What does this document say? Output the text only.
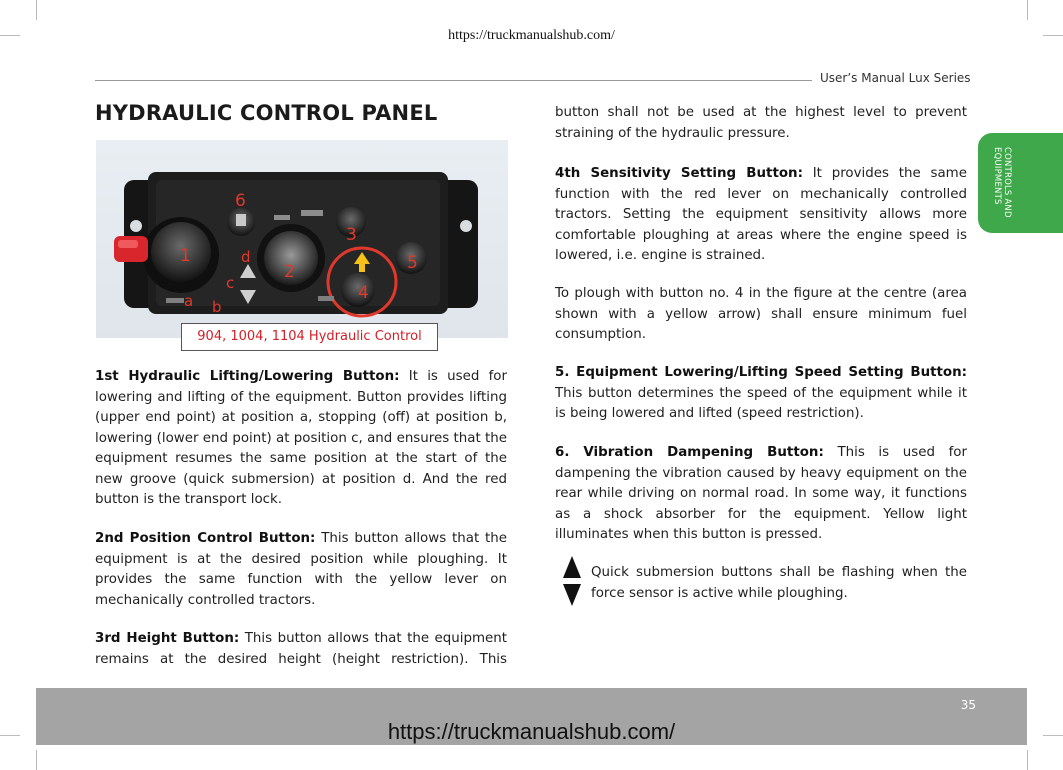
https://truckmanualshub.com/
User’s Manual Lux Series
CONTROLS AND EQUIPMENTS
HYDRAULIC CONTROL PANEL
1
2
3
4
5
6
a b
c
d
904, 1004, 1104 Hydraulic Control

1st Hydraulic Lifting/Lowering Button: It is used for lowering and lifting of the equipment. Button provides lifting (upper end point) at position a, stopping (off) at position b, lowering (lower end point) at position c, and ensures that the equipment resumes the same position at the start of the new groove (quick submersion) at position d. And the red button is the transport lock.

2nd Position Control Button: This button allows that the equipment is at the desired position while ploughing. It provides the same function with the yellow lever on mechanically controlled tractors.

3rd Height Button: This button allows that the equipment remains at the desired height (height restriction). This

button shall not be used at the highest level to prevent straining of the hydraulic pressure.

4th Sensitivity Setting Button: It provides the same function with the red lever on mechanically controlled tractors. Setting the equipment sensitivity allows more comfortable ploughing at areas where the engine speed is lowered, i.e. engine is strained.

To plough with button no. 4 in the figure at the centre (area shown with a yellow arrow) shall ensure minimum fuel consumption.

5. Equipment Lowering/Lifting Speed Setting Button: This button determines the speed of the equipment while it is being lowered and lifted (speed restriction).

6. Vibration Dampening Button: This is used for dampening the vibration caused by heavy equipment on the rear while driving on normal road. In some way, it functions as a shock absorber for the equipment. Yellow light illuminates when this button is pressed.

Quick submersion buttons shall be flashing when the force sensor is active while ploughing.

35
https://truckmanualshub.com/
